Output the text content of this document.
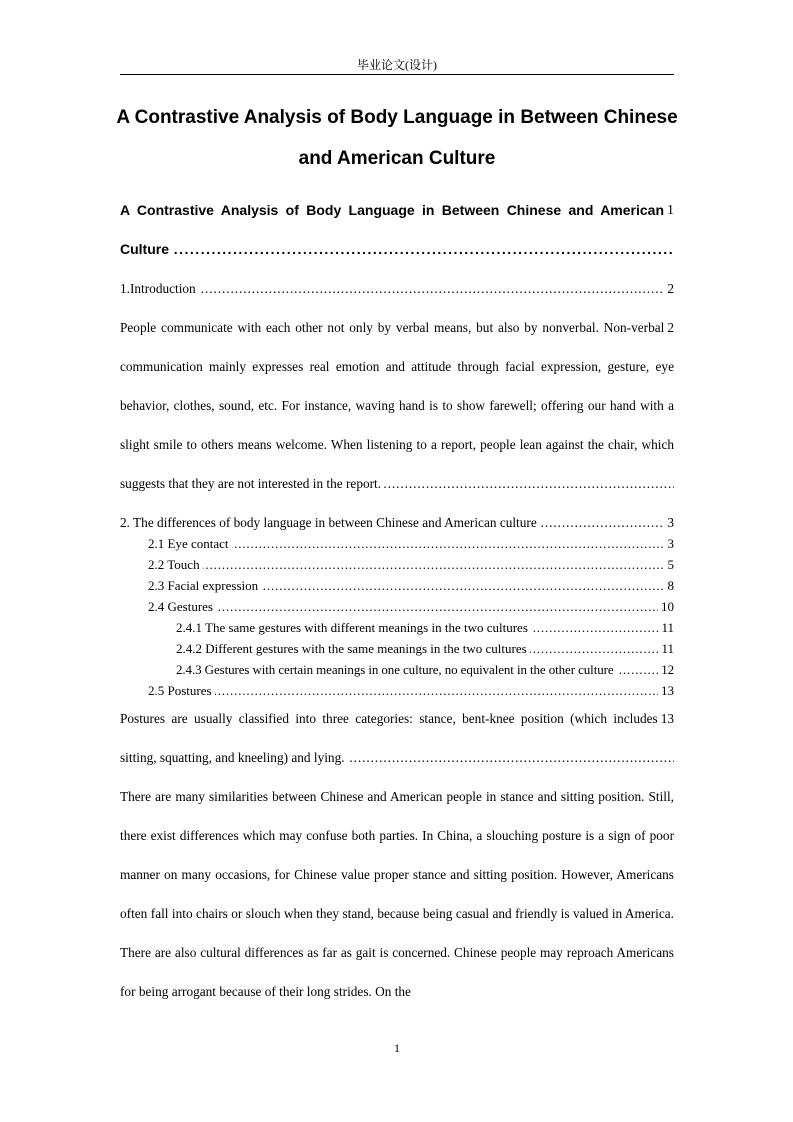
毕业论文(设计)
A Contrastive Analysis of Body Language in Between Chinese
and American Culture
1
A Contrastive Analysis of Body Language in Between Chinese and American Culture . . .
2
1.Introduction . . .
2
People communicate with each other not only by verbal means, but also by nonverbal. Non-verbal communication mainly expresses real emotion and attitude through facial expression, gesture, eye behavior, clothes, sound, etc. For instance, waving hand is to show farewell; offering our hand with a slight smile to others means welcome. When listening to a report, people lean against the chair, which suggests that they are not interested in the report. . . .
3
2. The differences of body language in between Chinese and American culture . . .
3
2.1 Eye contact . . .
5
2.2 Touch . . .
8
2.3 Facial expression . . .
10
2.4 Gestures . . .
11
2.4.1 The same gestures with different meanings in the two cultures . . .
11
2.4.2 Different gestures with the same meanings in the two cultures . . .
12
2.4.3 Gestures with certain meanings in one culture, no equivalent in the other culture . . .
13
2.5 Postures . . .
13
Postures are usually classified into three categories: stance, bent-knee position (which includes sitting, squatting, and kneeling) and lying. . . .
There are many similarities between Chinese and American people in stance and sitting position. Still, there exist differences which may confuse both parties. In China, a slouching posture is a sign of poor manner on many occasions, for Chinese value proper stance and sitting position. However, Americans often fall into chairs or slouch when they stand, because being casual and friendly is valued in America. There are also cultural differences as far as gait is concerned. Chinese people may reproach Americans for being arrogant because of their long strides. On the
1
